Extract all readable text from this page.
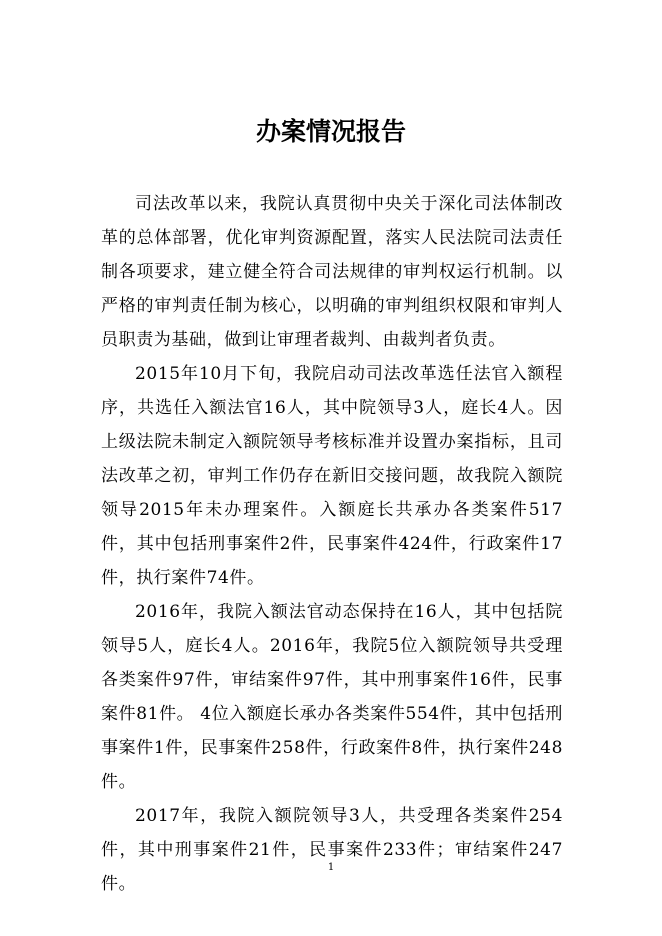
办案情况报告

司法改革以来，我院认真贯彻中央关于深化司法体制改革的总体部署，优化审判资源配置，落实人民法院司法责任制各项要求，建立健全符合司法规律的审判权运行机制。以严格的审判责任制为核心，以明确的审判组织权限和审判人员职责为基础，做到让审理者裁判、由裁判者负责。

2015年10月下旬，我院启动司法改革选任法官入额程序，共选任入额法官16人，其中院领导3人，庭长4人。因上级法院未制定入额院领导考核标准并设置办案指标，且司法改革之初，审判工作仍存在新旧交接问题，故我院入额院领导2015年未办理案件。入额庭长共承办各类案件517件，其中包括刑事案件2件，民事案件424件，行政案件17件，执行案件74件。

2016年，我院入额法官动态保持在16人，其中包括院领导5人，庭长4人。2016年，我院5位入额院领导共受理各类案件97件，审结案件97件，其中刑事案件16件，民事案件81件。 4位入额庭长承办各类案件554件，其中包括刑事案件1件，民事案件258件，行政案件8件，执行案件248件。

2017年，我院入额院领导3人，共受理各类案件254件，其中刑事案件21件，民事案件233件；审结案件247件。

1
